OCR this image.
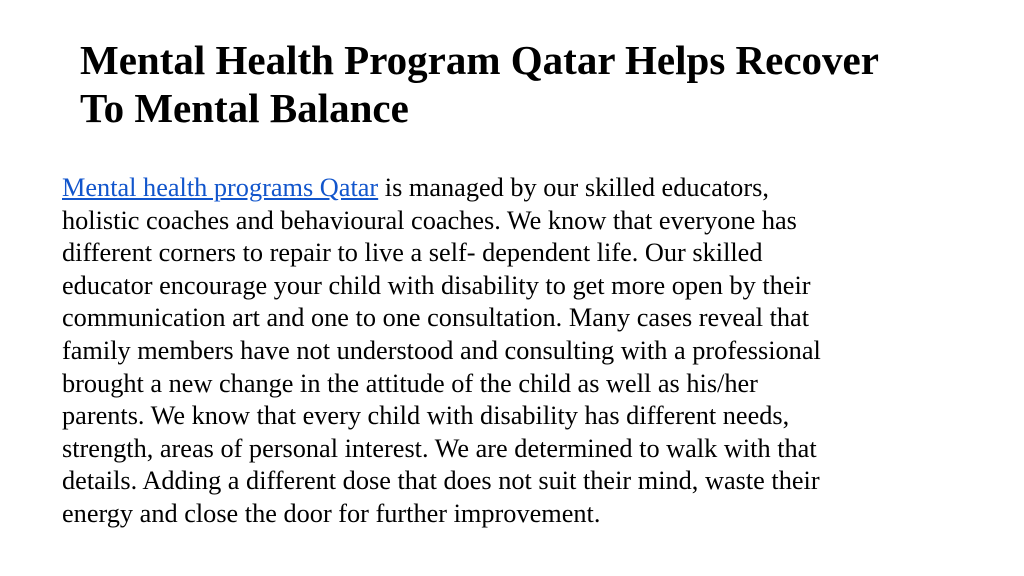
Mental Health Program Qatar Helps Recover
To Mental Balance
Mental health programs Qatar is managed by our skilled educators,
holistic coaches and behavioural coaches. We know that everyone has
different corners to repair to live a self- dependent life. Our skilled
educator encourage your child with disability to get more open by their
communication art and one to one consultation. Many cases reveal that
family members have not understood and consulting with a professional
brought a new change in the attitude of the child as well as his/her
parents. We know that every child with disability has different needs,
strength, areas of personal interest. We are determined to walk with that
details. Adding a different dose that does not suit their mind, waste their
energy and close the door for further improvement.
